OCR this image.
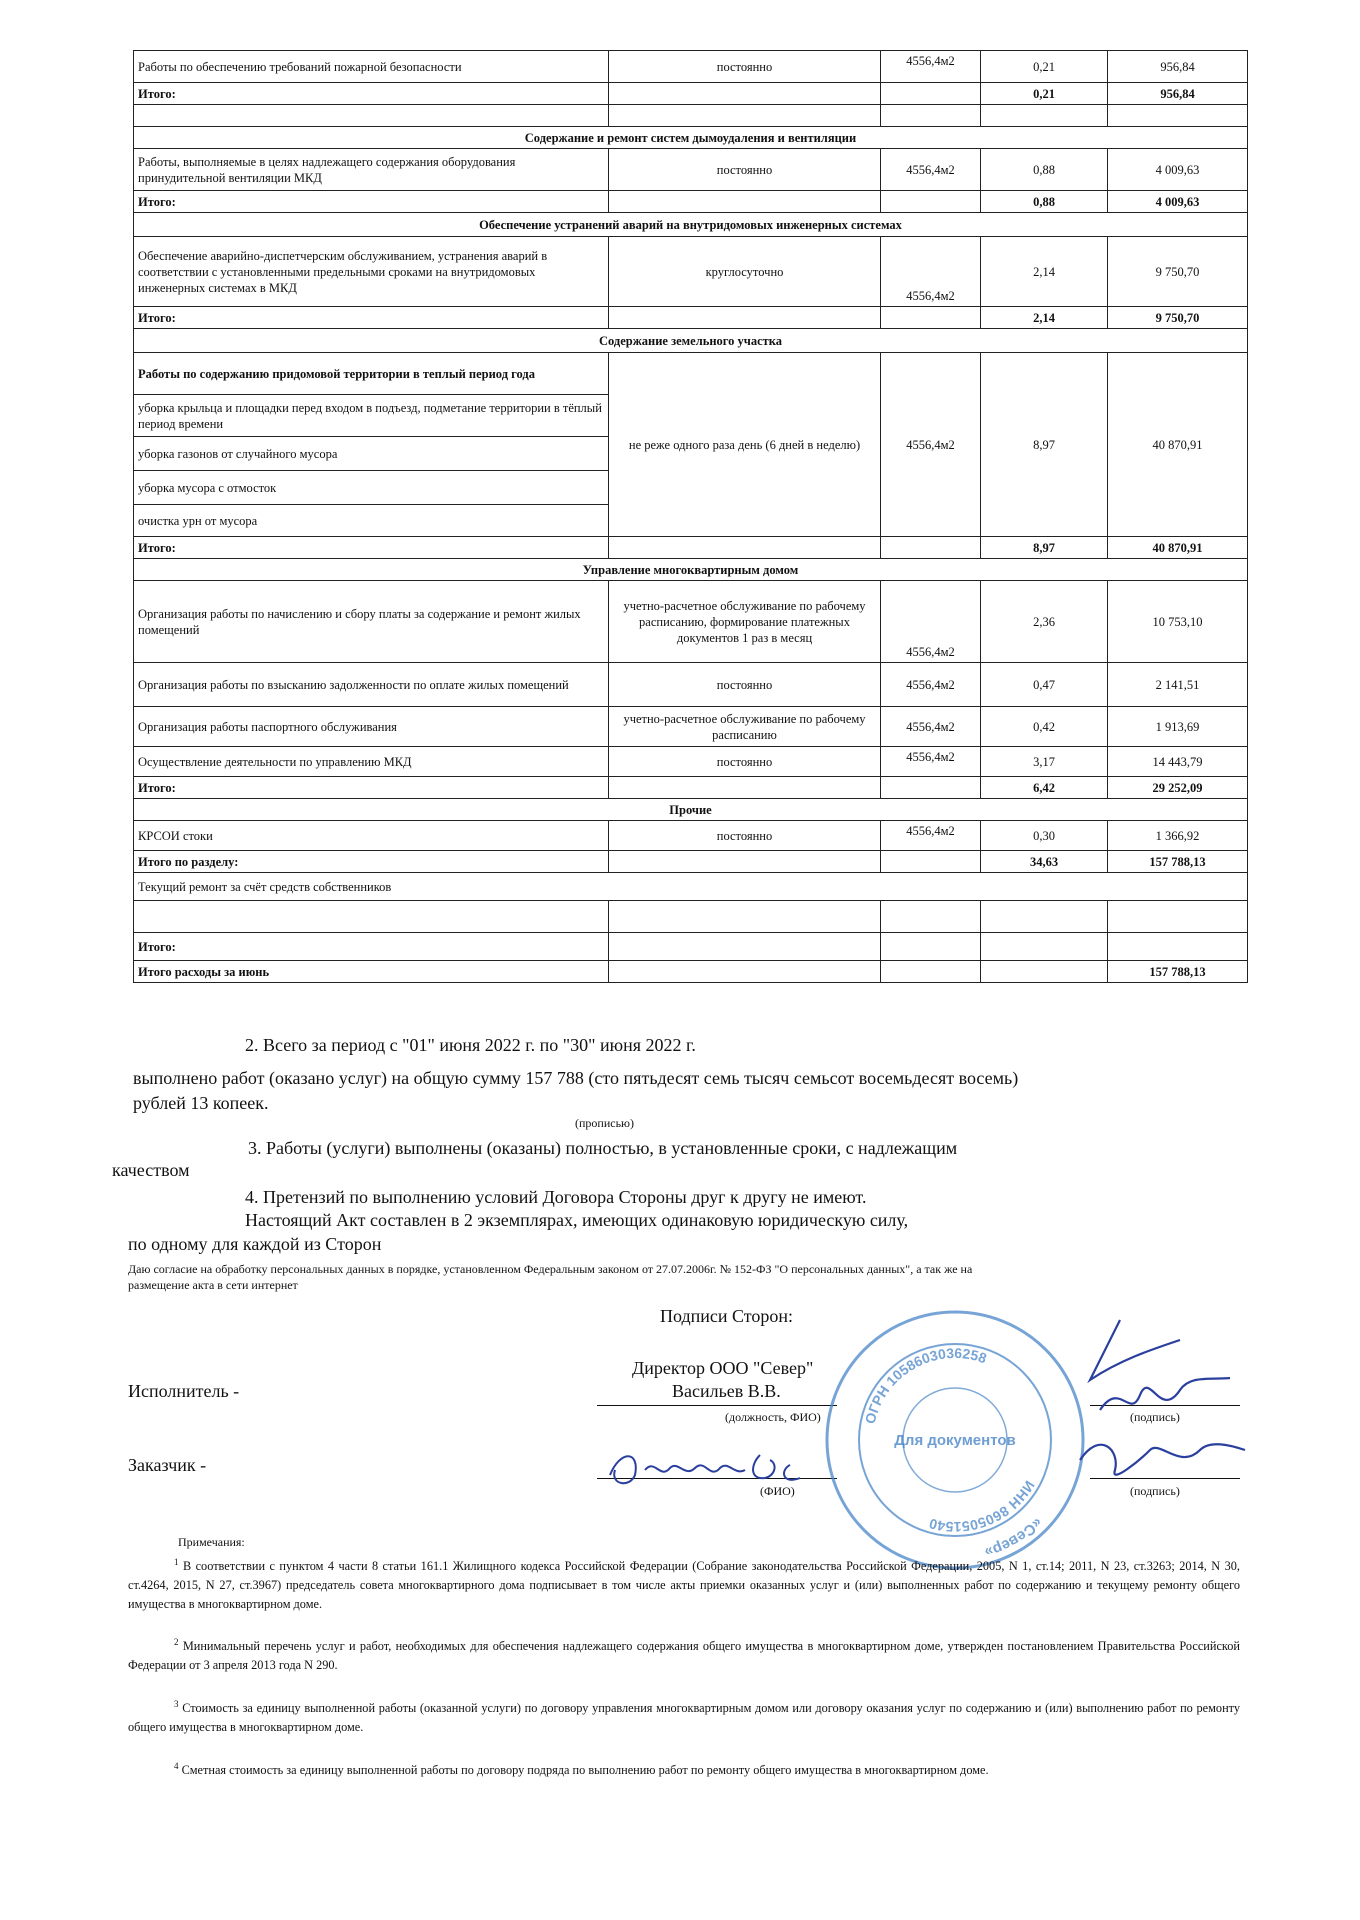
Работы по обеспечению требований пожарной безопасности	постоянно	4556,4м2	0,21	956,84
Итого:			0,21	956,84

Содержание и ремонт систем дымоудаления и вентиляции				
Работы, выполняемые в целях надлежащего содержания оборудования принудительной вентиляции МКД	постоянно	4556,4м2	0,88	4 009,63
Итого:			0,88	4 009,63
Обеспечение устранений аварий на внутридомовых инженерных системах				
Обеспечение аварийно-диспетчерским обслуживанием, устранения аварий в соответствии с установленными предельными сроками на внутридомовых инженерных системах в МКД	круглосуточно	4556,4м2	2,14	9 750,70
Итого:			2,14	9 750,70
Содержание земельного участка				
Работы по содержанию придомовой территории в теплый период года	не реже одного раза день (6 дней в неделю)	4556,4м2	8,97	40 870,91
уборка крыльца и площадки перед входом в подъезд, подметание территории в тёплый период времени				
уборка газонов от случайного мусора				
уборка мусора с отмосток				
очистка урн от мусора				
Итого:			8,97	40 870,91
Управление многоквартирным домом				
Организация работы по начислению и сбору платы за содержание и ремонт жилых помещений	учетно-расчетное обслуживание по рабочему расписанию, формирование платежных документов 1 раз в месяц	4556,4м2	2,36	10 753,10
Организация работы по взысканию задолженности по оплате жилых помещений	постоянно	4556,4м2	0,47	2 141,51
Организация работы паспортного обслуживания	учетно-расчетное обслуживание по рабочему расписанию	4556,4м2	0,42	1 913,69
Осуществление деятельности по управлению МКД	постоянно	4556,4м2	3,17	14 443,79
Итого:			6,42	29 252,09
Прочие				
КРСОИ стоки	постоянно	4556,4м2	0,30	1 366,92
Итого по разделу:			34,63	157 788,13
Текущий ремонт за счёт средств собственников				

Итого:				
Итого расходы за июнь				157 788,13
2. Всего за период с "01" июня 2022 г. по "30" июня 2022 г.
выполнено работ (оказано услуг) на общую сумму 157 788 (сто пятьдесят семь тысяч семьсот восемьдесят восемь)
рублей 13 копеек.
(прописью)
3. Работы (услуги) выполнены (оказаны) полностью, в установленные сроки, с надлежащим
качеством
4. Претензий по выполнению условий Договора Стороны друг к другу не имеют.
Настоящий Акт составлен в 2 экземплярах, имеющих одинаковую юридическую силу,
по одному для каждой из Сторон
Даю согласие на обработку персональных данных в порядке, установленном Федеральным законом от 27.07.2006г. № 152-ФЗ "О персональных данных", а так же на
размещение акта в сети интернет
Подписи Сторон:
Директор ООО "Север"
Васильев В.В.
Исполнитель -
(должность, ФИО)	(подпись)
Заказчик -
(ФИО)	(подпись)
ОГРН 1058603036258
ИНН 8605051540	«Север»
Для документов
Примечания:
$^1$ В соответствии с пунктом 4 части 8 статьи 161.1 Жилищного кодекса Российской Федерации (Собрание законодательства Российской Федерации, 2005, N 1, ст.14; 2011, N 23, ст.3263; 2014, N 30, ст.4264, 2015, N 27, ст.3967) председатель совета многоквартирного дома подписывает в том числе акты приемки оказанных услуг и (или) выполненных работ по содержанию и текущему ремонту общего имущества в многоквартирном доме.
$^2$ Минимальный перечень услуг и работ, необходимых для обеспечения надлежащего содержания общего имущества в многоквартирном доме, утвержден постановлением Правительства Российской Федерации от 3 апреля 2013 года N 290.
$^3$ Стоимость за единицу выполненной работы (оказанной услуги) по договору управления многоквартирным домом или договору оказания услуг по содержанию и (или) выполнению работ по ремонту общего имущества в многоквартирном доме.
$^4$ Сметная стоимость за единицу выполненной работы по договору подряда по выполнению работ по ремонту общего имущества в многоквартирном доме.
